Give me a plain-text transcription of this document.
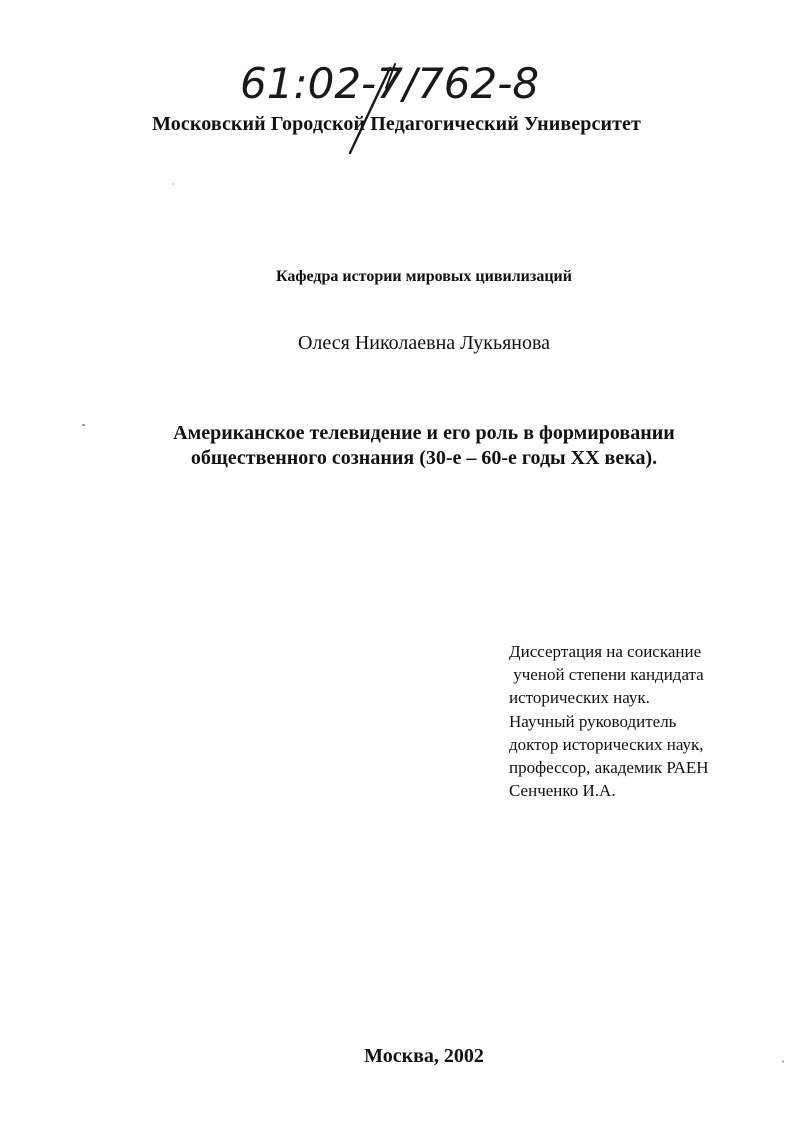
61:02-7/762-8
Московский Городской Педагогический Университет
Кафедра истории мировых цивилизаций
Олеся Николаевна Лукьянова
Американское телевидение и его роль в формировании
общественного сознания (30-е – 60-е годы XX века).
Диссертация на соискание
ученой степени кандидата
исторических наук.
Научный руководитель
доктор исторических наук,
профессор, академик РАЕН
Сенченко И.А.
Москва, 2002
